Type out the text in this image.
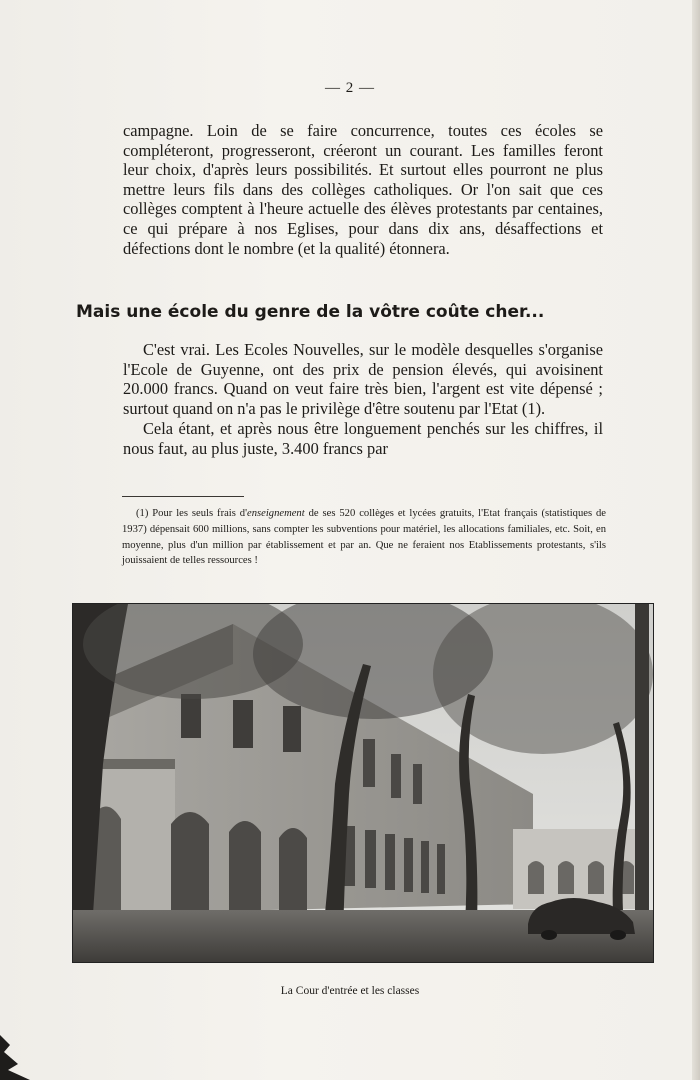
— 2 —

campagne. Loin de se faire concurrence, toutes ces écoles se compléteront, progresseront, créeront un courant. Les familles feront leur choix, d'après leurs possibilités. Et surtout elles pourront ne plus mettre leurs fils dans des collèges catholiques. Or l'on sait que ces collèges comptent à l'heure actuelle des élèves protestants par centaines, ce qui prépare à nos Eglises, pour dans dix ans, désaffections et défections dont le nombre (et la qualité) étonnera.

Mais une école du genre de la vôtre coûte cher...

C'est vrai. Les Ecoles Nouvelles, sur le modèle desquelles s'organise l'Ecole de Guyenne, ont des prix de pension élevés, qui avoisinent 20.000 francs. Quand on veut faire très bien, l'argent est vite dépensé ; surtout quand on n'a pas le privilège d'être soutenu par l'Etat (1).

Cela étant, et après nous être longuement penchés sur les chiffres, il nous faut, au plus juste, 3.400 francs par

(1) Pour les seuls frais d'enseignement de ses 520 collèges et lycées gratuits, l'Etat français (statistiques de 1937) dépensait 600 millions, sans compter les subventions pour matériel, les allocations familiales, etc. Soit, en moyenne, plus d'un million par établissement et par an. Que ne feraient nos Etablissements protestants, s'ils jouissaient de telles ressources !

La Cour d'entrée et les classes
